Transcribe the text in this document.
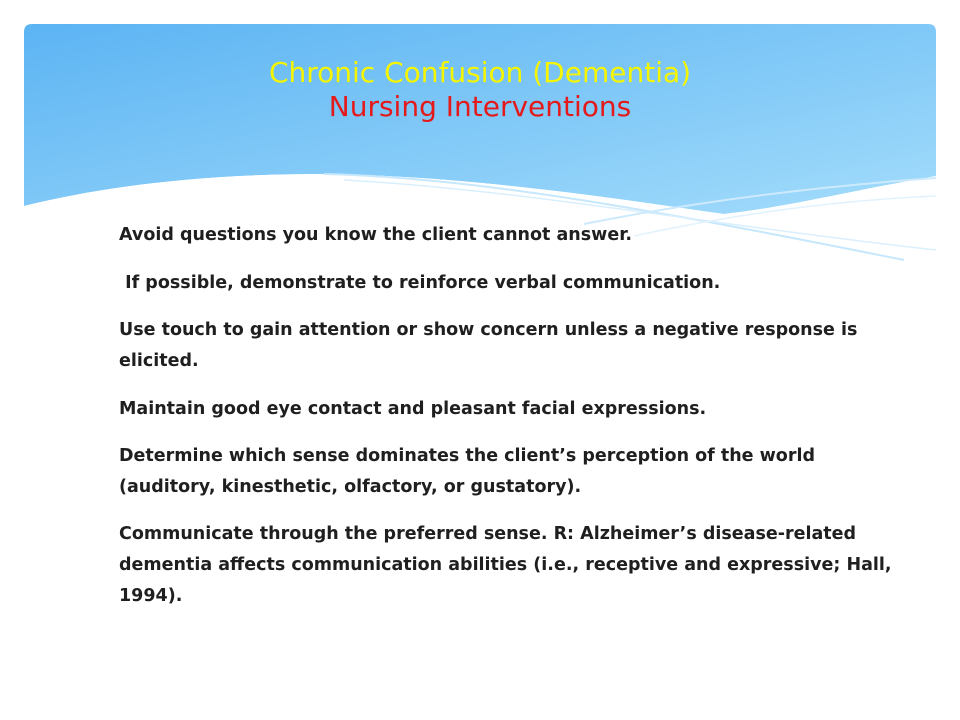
Chronic Confusion (Dementia)
Nursing Interventions

Avoid questions you know the client cannot answer.

If possible, demonstrate to reinforce verbal communication.

Use touch to gain attention or show concern unless a negative response is elicited.

Maintain good eye contact and pleasant facial expressions.

Determine which sense dominates the client’s perception of the world (auditory, kinesthetic, olfactory, or gustatory).

Communicate through the preferred sense. R: Alzheimer’s disease-related dementia affects communication abilities (i.e., receptive and expressive; Hall, 1994).
